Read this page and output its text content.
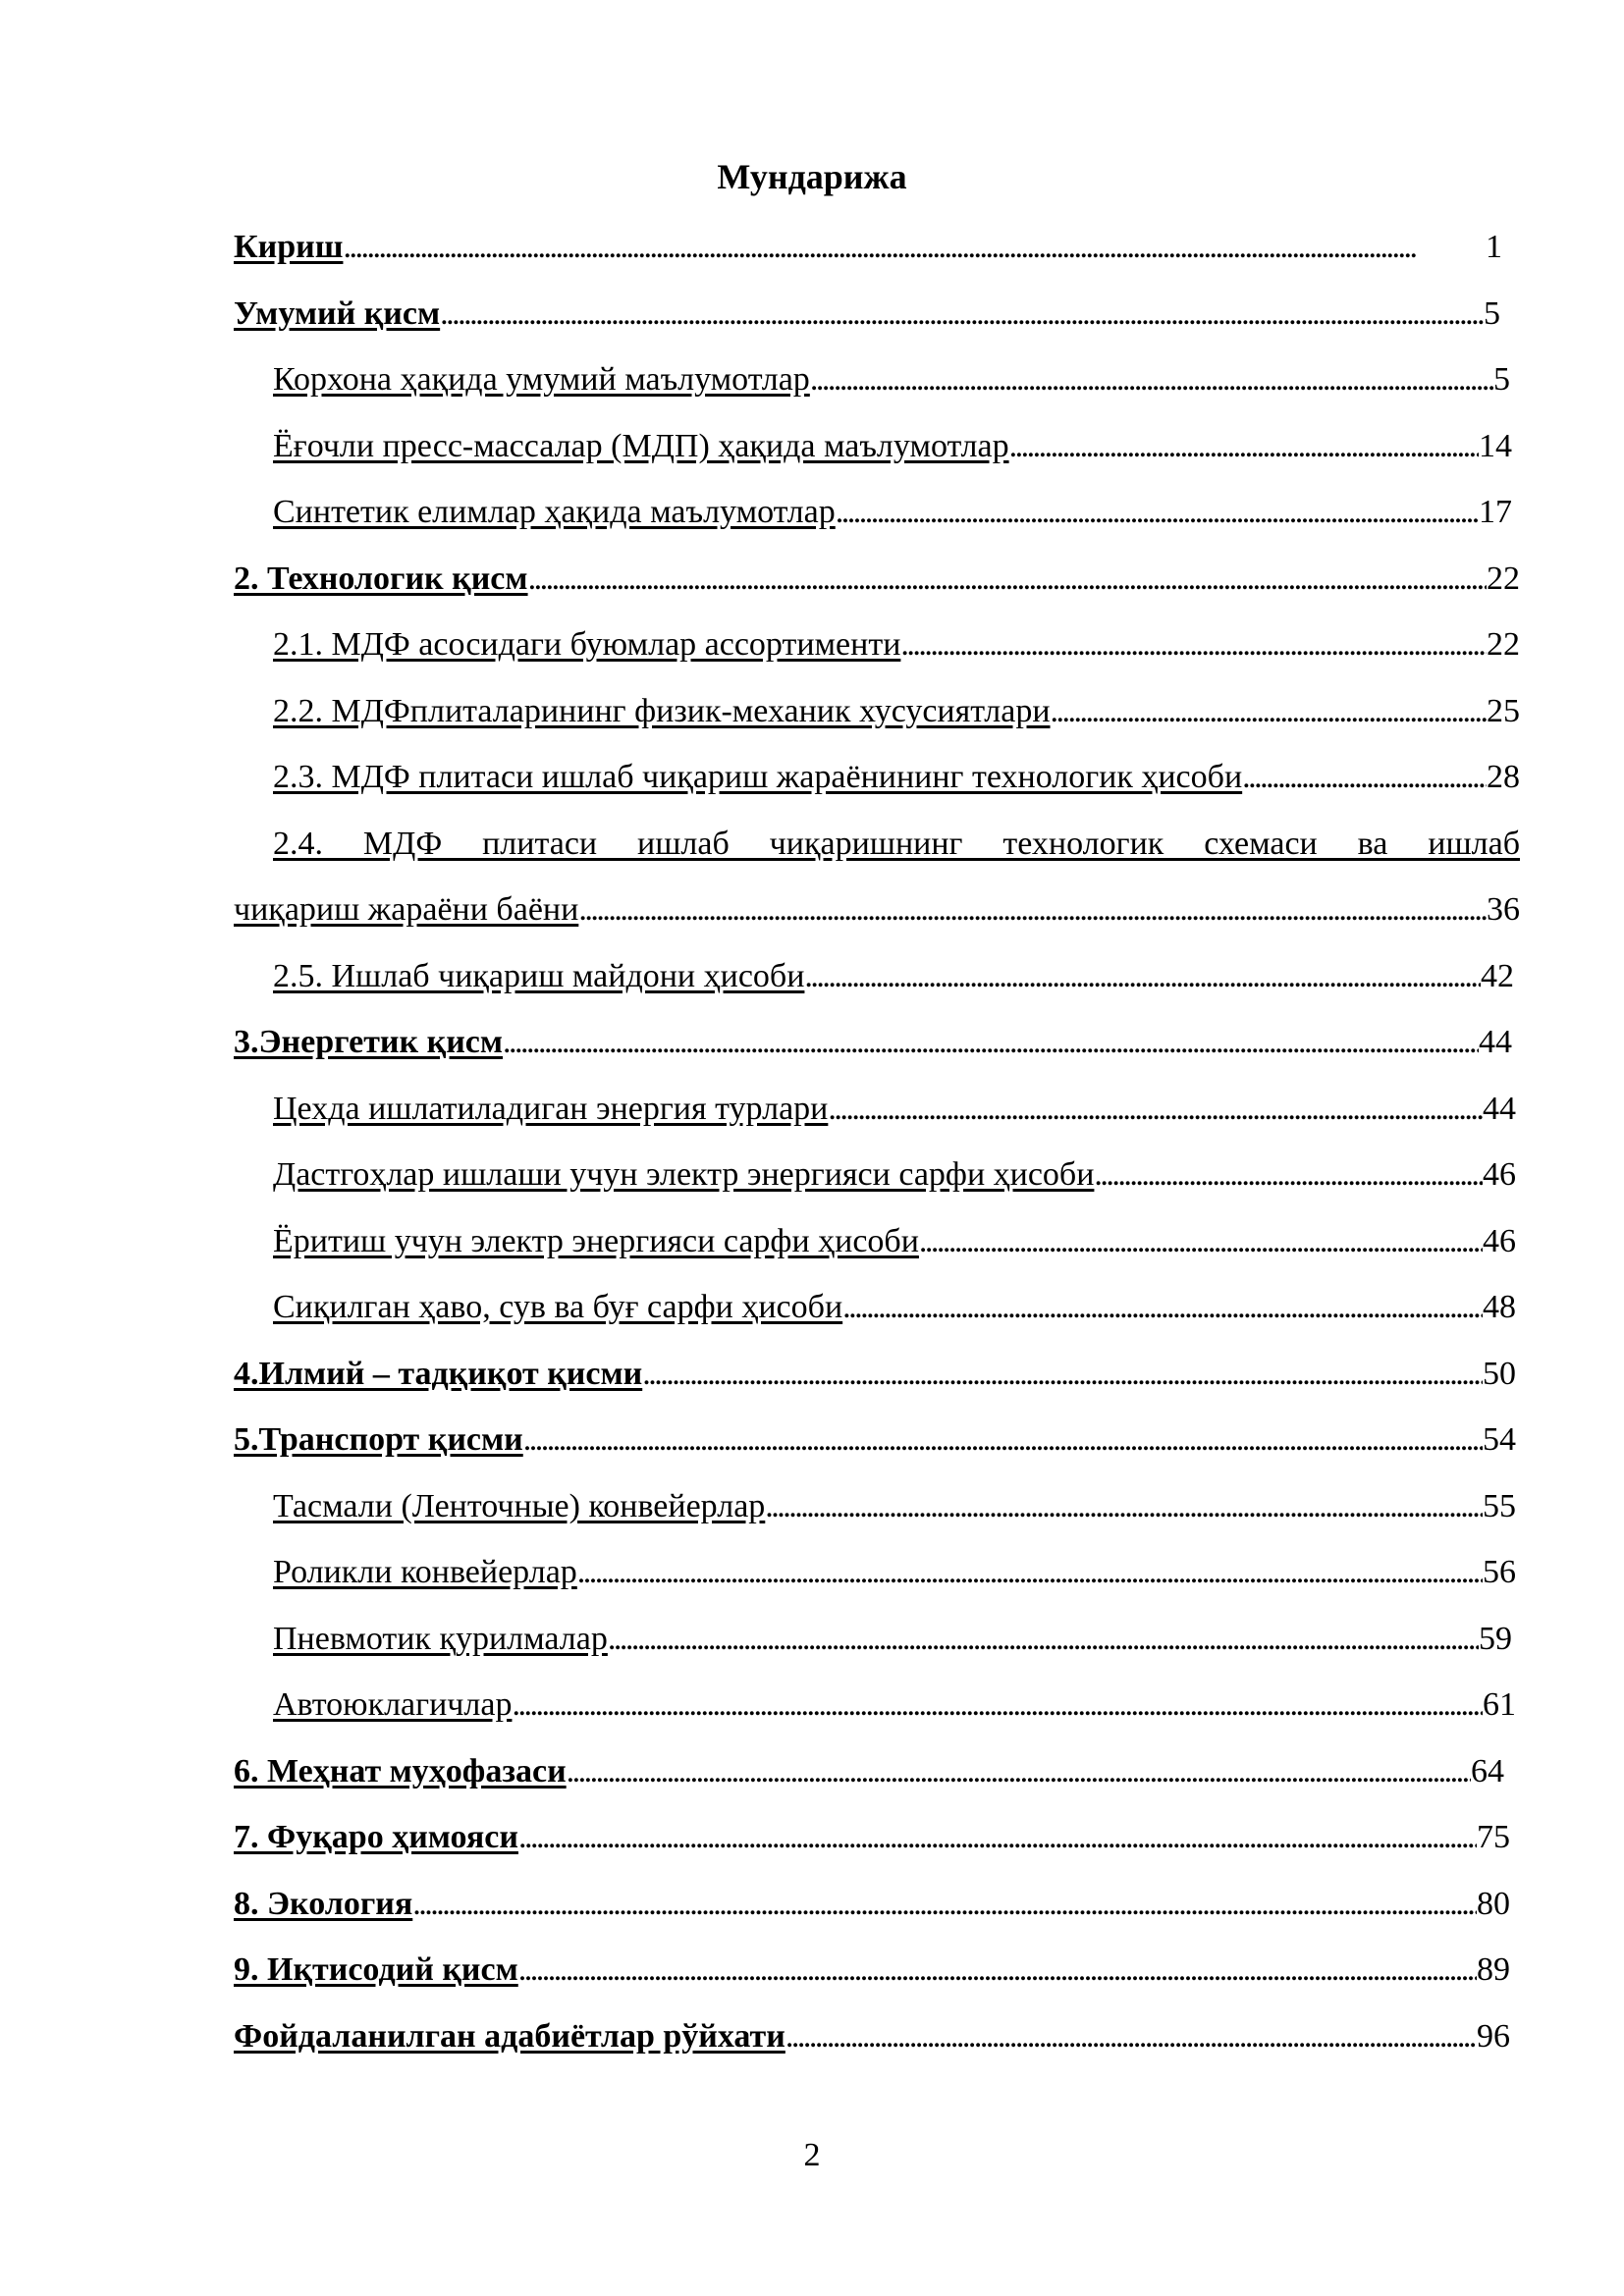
Мундарижа
Кириш . . .	1
Умумий қисм . . .	5
Корхона ҳақида умумий маълумотлар . . .	5
Ёғочли пресс-массалар (МДП) ҳақида маълумотлар . . .	14
Синтетик елимлар ҳақида маълумотлар . . .	17
2. Технологик қисм . . .	22
2.1. МДФ асосидаги буюмлар ассортименти . . .	22
2.2. МДФплиталарининг физик-механик хусусиятлари . . .	25
2.3. МДФ плитаси ишлаб чиқариш жараёнининг технологик ҳисоби . . .	28
2.4. МДФ плитаси ишлаб чиқаришнинг технологик схемаси ва ишлаб
чиқариш жараёни баёни . . .	36
2.5. Ишлаб чиқариш майдони ҳисоби . . .	42
3.Энергетик қисм . . .	44
Цехда ишлатиладиган энергия турлари . . .	44
Дастгоҳлар ишлаши учун электр энергияси сарфи ҳисоби . . .	46
Ёритиш учун электр энергияси сарфи ҳисоби . . .	46
Сиқилган ҳаво, сув ва буғ сарфи ҳисоби . . .	48
4.Илмий – тадқиқот қисми . . .	50
5.Транспорт қисми . . .	54
Тасмали (Ленточные) конвейерлар . . .	55
Роликли конвейерлар . . .	56
Пневмотик қурилмалар . . .	59
Автоюклагичлар . . .	61
6. Меҳнат муҳофазаси . . .	64
7. Фуқаро ҳимояси . . .	75
8. Экология . . .	80
9. Иқтисодий қисм . . .	89
Фойдаланилган адабиётлар рўйхати . . .	96
2
